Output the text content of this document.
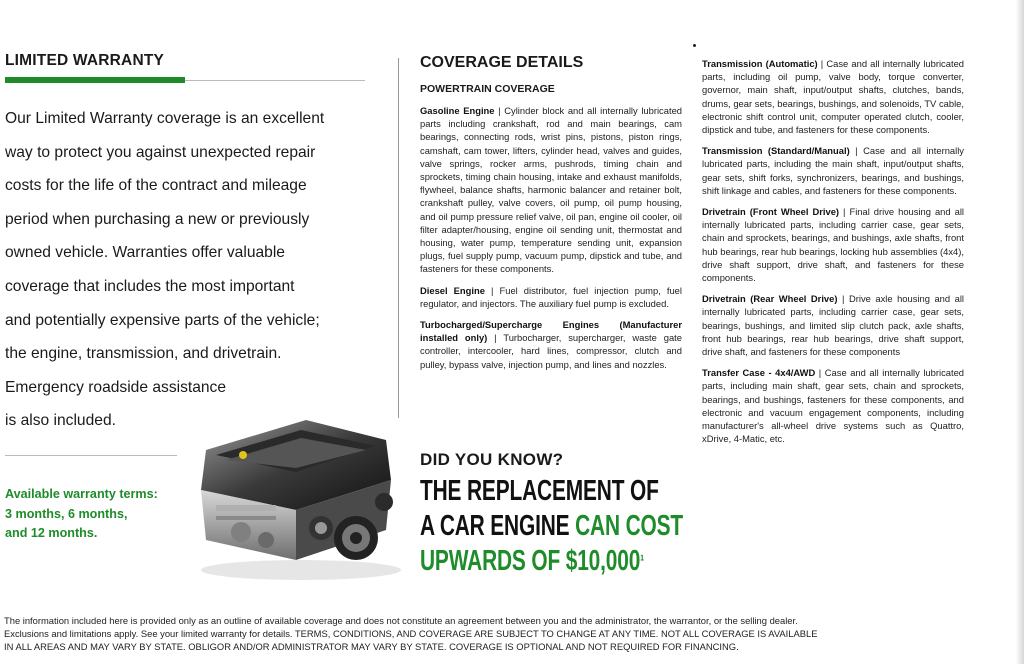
LIMITED WARRANTY
Our Limited Warranty coverage is an excellent
way to protect you against unexpected repair
costs for the life of the contract and mileage
period when purchasing a new or previously
owned vehicle. Warranties offer valuable
coverage that includes the most important
and potentially expensive parts of the vehicle;
the engine, transmission, and drivetrain.
Emergency roadside assistance
is also included.
Available warranty terms:
3 months, 6 months,
and 12 months.
COVERAGE DETAILS
POWERTRAIN COVERAGE

Gasoline Engine | Cylinder block and all internally lubricated parts including crankshaft, rod and main bearings, cam bearings, connecting rods, wrist pins, pistons, piston rings, camshaft, cam tower, lifters, cylinder head, valves and guides, valve springs, rocker arms, pushrods, timing chain and sprockets, timing chain housing, intake and exhaust manifolds, flywheel, balance shafts, harmonic balancer and retainer bolt, crankshaft pulley, valve covers, oil pump, oil pump housing, and oil pump pressure relief valve, oil pan, engine oil cooler, oil filter adapter/housing, engine oil sending unit, thermostat and housing, water pump, temperature sending unit, expansion plugs, fuel supply pump, vacuum pump, dipstick and tube, and fasteners for these components.

Diesel Engine | Fuel distributor, fuel injection pump, fuel regulator, and injectors. The auxiliary fuel pump is excluded.

Turbocharged/Supercharge Engines (Manufacturer installed only) | Turbocharger, supercharger, waste gate controller, intercooler, hard lines, compressor, clutch and pulley, bypass valve, injection pump, and lines and nozzles.

DID YOU KNOW?
THE REPLACEMENT OF
A CAR ENGINE CAN COST
UPWARDS OF $\$10,000^{^1}$

Transmission (Automatic) | Case and all internally lubricated parts, including oil pump, valve body, torque converter, governor, main shaft, input/output shafts, clutches, bands, drums, gear sets, bearings, bushings, and solenoids, TV cable, electronic shift control unit, computer operated clutch, cooler, dipstick and tube, and fasteners for these components.

Transmission (Standard/Manual) | Case and all internally lubricated parts, including the main shaft, input/output shafts, gear sets, shift forks, synchronizers, bearings, and bushings, shift linkage and cables, and fasteners for these components.

Drivetrain (Front Wheel Drive) | Final drive housing and all internally lubricated parts, including carrier case, gear sets, chain and sprockets, bearings, and bushings, axle shafts, front hub bearings, rear hub bearings, locking hub assemblies (4x4), drive shaft support, drive shaft, and fasteners for these components.

Drivetrain (Rear Wheel Drive) | Drive axle housing and all internally lubricated parts, including carrier case, gear sets, bearings, bushings, and limited slip clutch pack, axle shafts, front hub bearings, rear hub bearings, drive shaft support, drive shaft, and fasteners for these components

Transfer Case - 4x4/AWD | Case and all internally lubricated parts, including main shaft, gear sets, chain and sprockets, bearings, and bushings, fasteners for these components, and electronic and vacuum engagement components, including manufacturer's all-wheel drive systems such as Quattro, xDrive, 4-Matic, etc.

The information included here is provided only as an outline of available coverage and does not constitute an agreement between you and the administrator, the warrantor, or the selling dealer.
Exclusions and limitations apply. See your limited warranty for details. TERMS, CONDITIONS, AND COVERAGE ARE SUBJECT TO CHANGE AT ANY TIME. NOT ALL COVERAGE IS AVAILABLE
IN ALL AREAS AND MAY VARY BY STATE. OBLIGOR AND/OR ADMINISTRATOR MAY VARY BY STATE. COVERAGE IS OPTIONAL AND NOT REQUIRED FOR FINANCING.
